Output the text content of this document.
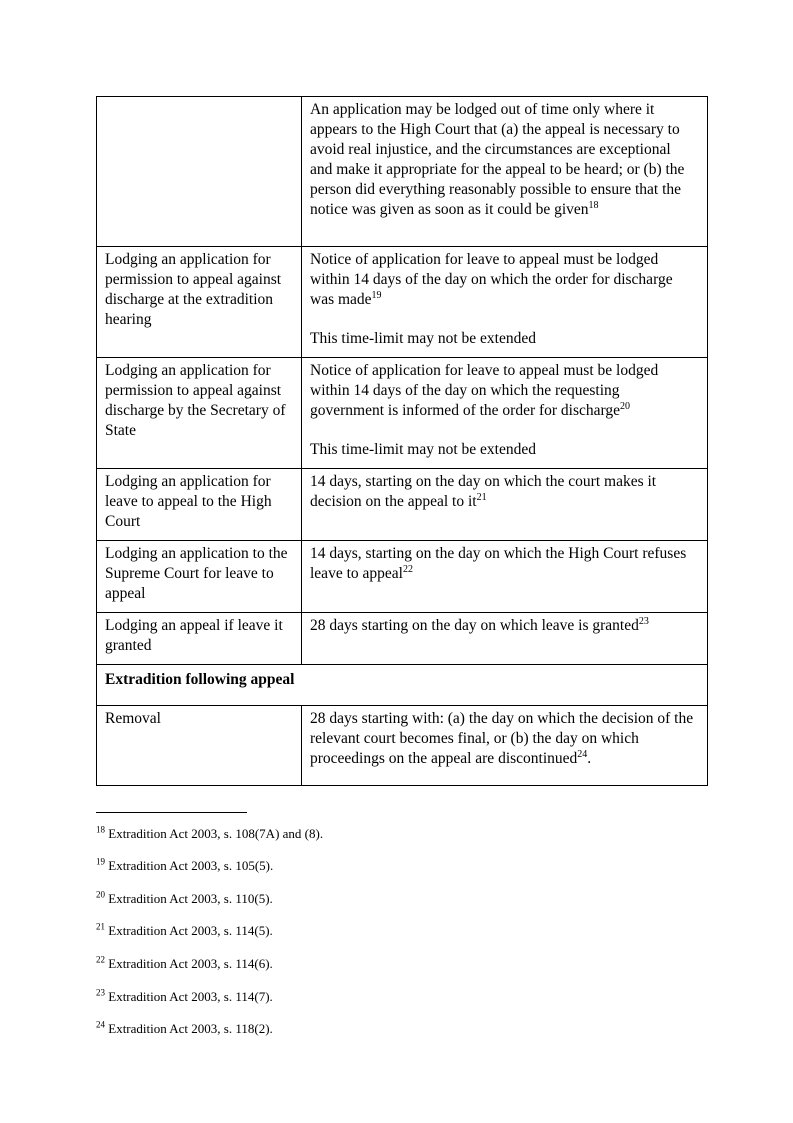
	An application may be lodged out of time only where it appears to the High Court that (a) the appeal is necessary to avoid real injustice, and the circumstances are exceptional and make it appropriate for the appeal to be heard; or (b) the person did everything reasonably possible to ensure that the notice was given as soon as it could be given$^{18}$

Lodging an application for permission to appeal against discharge at the extradition hearing	Notice of application for leave to appeal must be lodged within 14 days of the day on which the order for discharge was made$^{19}$

This time-limit may not be extended

Lodging an application for permission to appeal against discharge by the Secretary of State	Notice of application for leave to appeal must be lodged within 14 days of the day on which the requesting government is informed of the order for discharge$^{20}$

This time-limit may not be extended

Lodging an application for leave to appeal to the High Court	14 days, starting on the day on which the court makes it decision on the appeal to $it^{21}$

Lodging an application to the Supreme Court for leave to appeal	14 days, starting on the day on which the High Court refuses leave to appeal$^{22}$

Lodging an appeal if leave it granted	28 days starting on the day on which leave is granted$^{23}$

Extradition following appeal	

Removal	28 days starting with: (a) the day on which the decision of the relevant court becomes final, or (b) the day on which proceedings on the appeal are discontinued$^{24}$.

$^{18}$ Extradition Act 2003, s. 108(7A) and (8).

$^{19}$ Extradition Act 2003, s. 105(5).

$^{20}$ Extradition Act 2003, s. 110(5).

$^{21}$ Extradition Act 2003, s. 114(5).

$^{22}$ Extradition Act 2003, s. 114(6).

$^{23}$ Extradition Act 2003, s. 114(7).

$^{24}$ Extradition Act 2003, s. 118(2).
